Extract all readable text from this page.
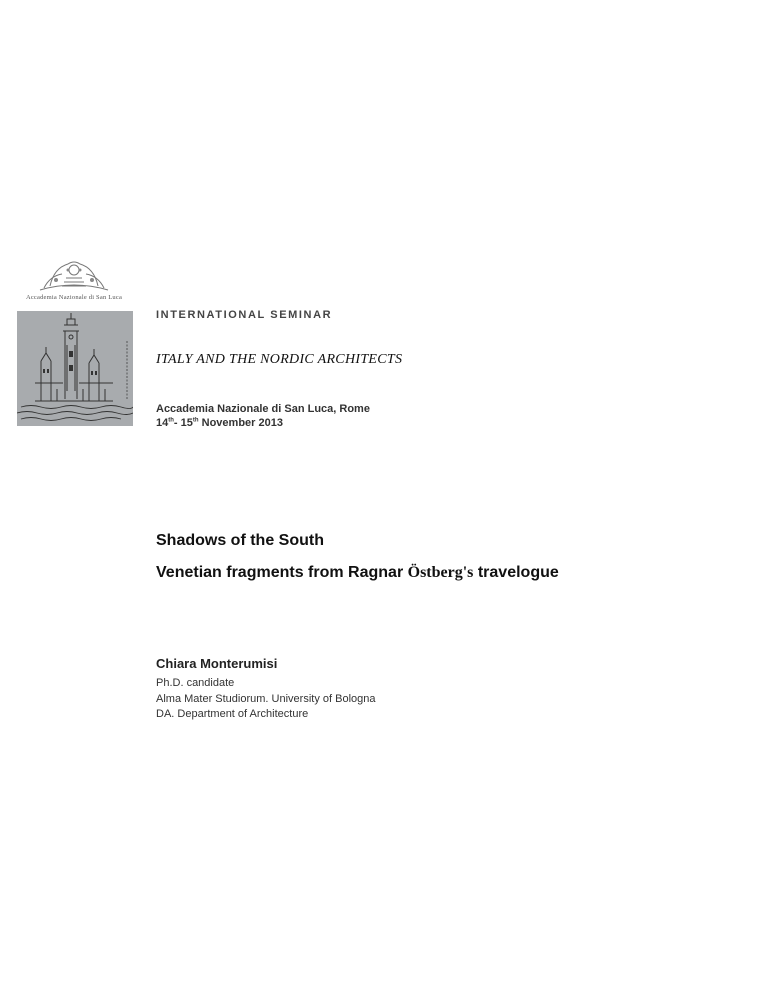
Accademia Nazionale di San Luca
INTERNATIONAL SEMINAR
ITALY AND THE NORDIC ARCHITECTS
Accademia Nazionale di San Luca, Rome
14th- 15th November 2013
Shadows of the South
Venetian fragments from Ragnar Östberg's travelogue
Chiara Monterumisi
Ph.D. candidate
Alma Mater Studiorum. University of Bologna
DA. Department of Architecture
